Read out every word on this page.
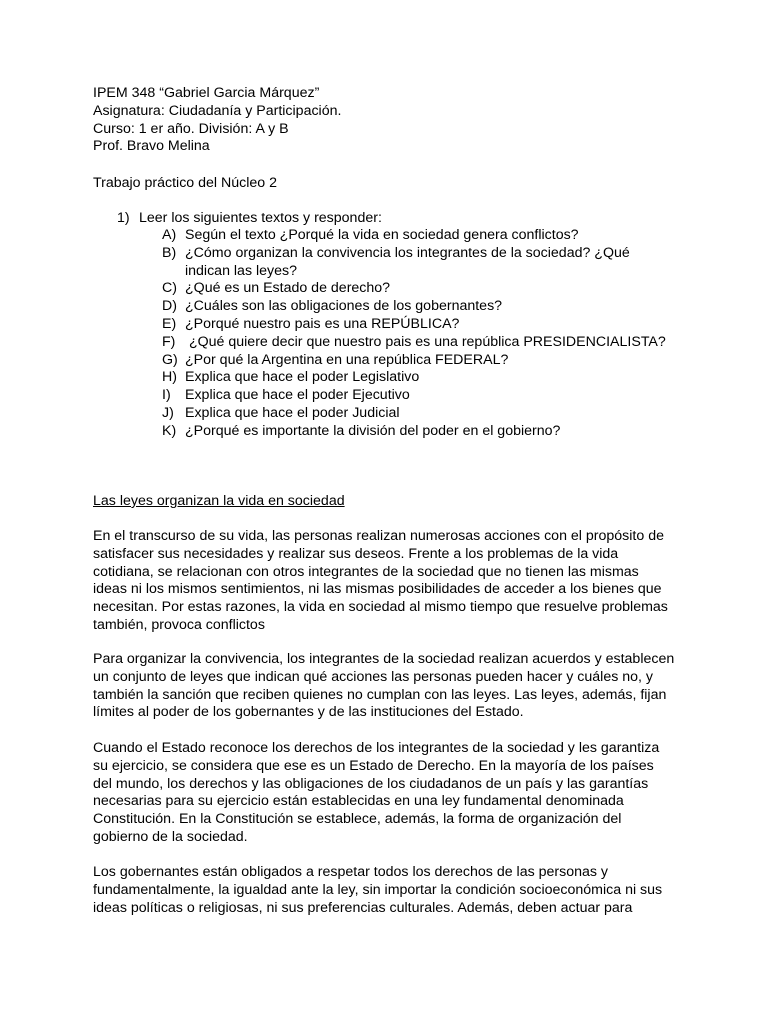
IPEM 348 “Gabriel Garcia Márquez”
Asignatura: Ciudadanía y Participación.
Curso: 1 er año. División: A y B
Prof. Bravo Melina
Trabajo práctico del Núcleo 2
1) Leer los siguientes textos y responder:
A) Según el texto ¿Porqué la vida en sociedad genera conflictos?
B) ¿Cómo organizan la convivencia los integrantes de la sociedad? ¿Qué
indican las leyes?
C) ¿Qué es un Estado de derecho?
D) ¿Cuáles son las obligaciones de los gobernantes?
E) ¿Porqué nuestro pais es una REPÚBLICA?
F) ¿Qué quiere decir que nuestro pais es una república PRESIDENCIALISTA?
G) ¿Por qué la Argentina en una república FEDERAL?
H) Explica que hace el poder Legislativo
I) Explica que hace el poder Ejecutivo
J) Explica que hace el poder Judicial
K) ¿Porqué es importante la división del poder en el gobierno?
Las leyes organizan la vida en sociedad
En el transcurso de su vida, las personas realizan numerosas acciones con el propósito de
satisfacer sus necesidades y realizar sus deseos. Frente a los problemas de la vida
cotidiana, se relacionan con otros integrantes de la sociedad que no tienen las mismas
ideas ni los mismos sentimientos, ni las mismas posibilidades de acceder a los bienes que
necesitan. Por estas razones, la vida en sociedad al mismo tiempo que resuelve problemas
también, provoca conflictos
Para organizar la convivencia, los integrantes de la sociedad realizan acuerdos y establecen
un conjunto de leyes que indican qué acciones las personas pueden hacer y cuáles no, y
también la sanción que reciben quienes no cumplan con las leyes. Las leyes, además, fijan
límites al poder de los gobernantes y de las instituciones del Estado.
Cuando el Estado reconoce los derechos de los integrantes de la sociedad y les garantiza
su ejercicio, se considera que ese es un Estado de Derecho. En la mayoría de los países
del mundo, los derechos y las obligaciones de los ciudadanos de un país y las garantías
necesarias para su ejercicio están establecidas en una ley fundamental denominada
Constitución. En la Constitución se establece, además, la forma de organización del
gobierno de la sociedad.
Los gobernantes están obligados a respetar todos los derechos de las personas y
fundamentalmente, la igualdad ante la ley, sin importar la condición socioeconómica ni sus
ideas políticas o religiosas, ni sus preferencias culturales. Además, deben actuar para
